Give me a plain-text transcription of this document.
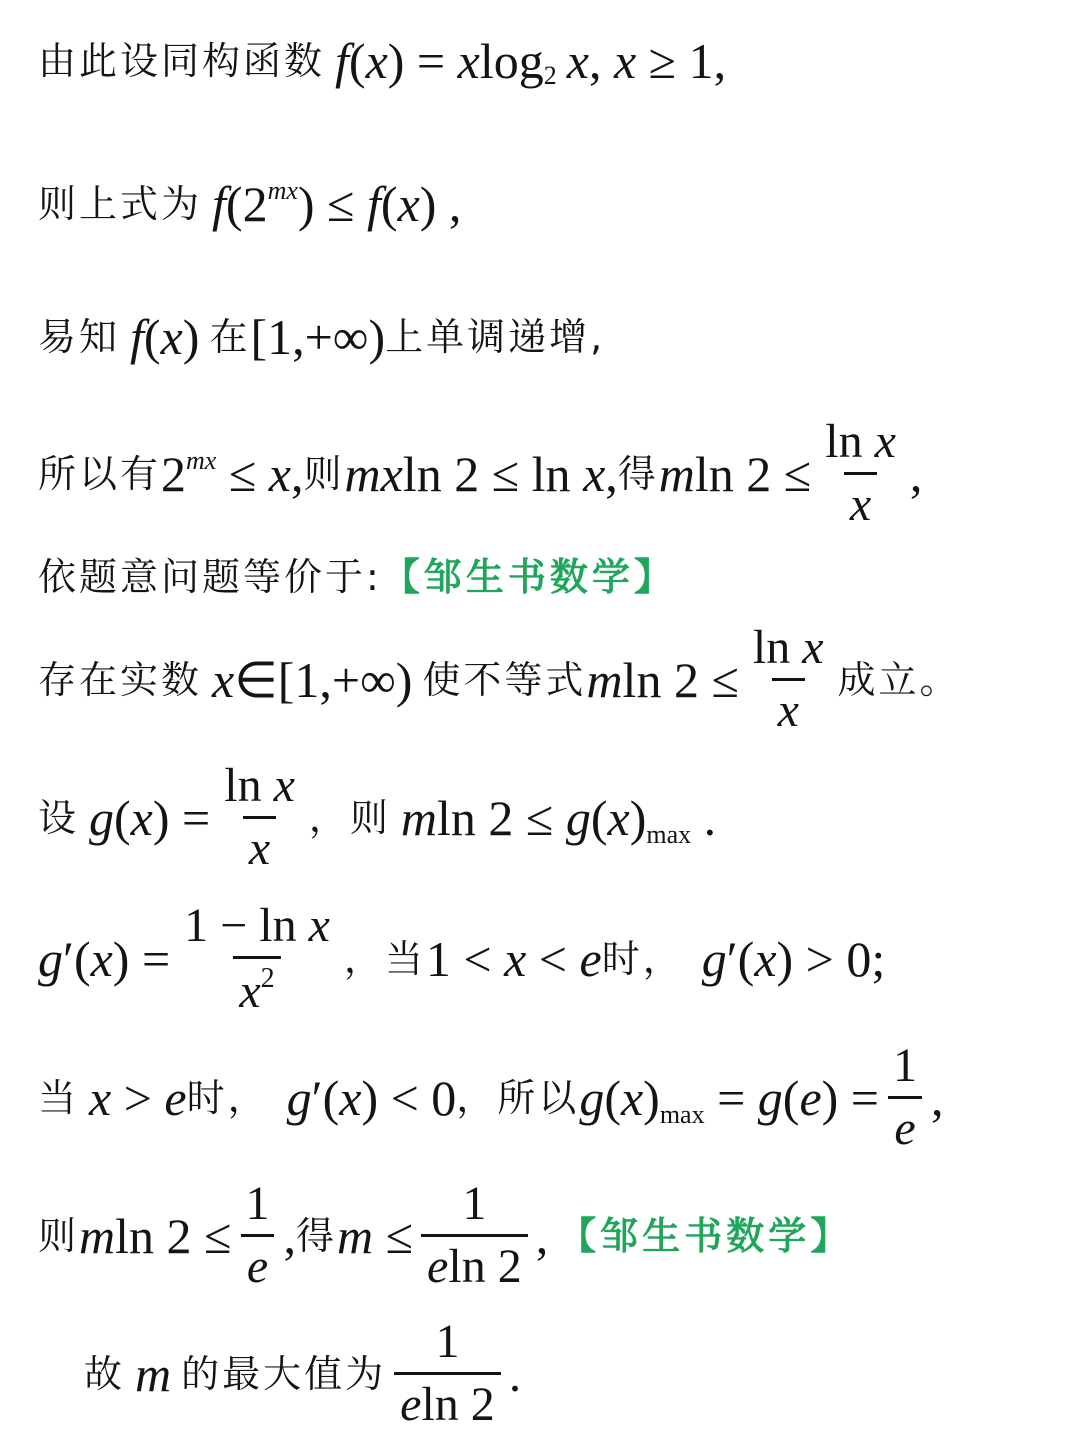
由此设同构函数 f ( x ) = x log $_2$ x , x ≥ 1,
则上式为 f (2 $^{mx}$ ) ≤ f ( x ) ,
易知 f ( x ) 在 [1,+∞) 上单调递增,
所以有 2 $^{mx}$ ≤ x , 则 mx ln 2 ≤ ln x , 得 m $\ln 2 \le \frac{\text{ln x}}{x}$ ,
依题意问题等价于: 【邹生书数学】
存在实数 x ∈[1,+∞) 使不等式 m $\ln 2 \le \frac{\text{ln x}}{x}$ 成立。
设 g ( x ) = $\frac{\text{ln x}}{x}$ ，则 m ln 2 ≤ g ( x ) $_{max}$ .
g ′( x ) = $\frac{\text{1 − ln x}}{x^2}$ ，当 1 < x < e 时， g ′( x ) > 0;
当 x > e 时， g ′( x ) < 0 ，所以 g ( x ) $_{max}$ = g ( e ) = $\frac{1}{e}$ ,
则 m $\ln 2 \le \frac{1}{e}$ , 得 $m \le \frac{1}{eln 2}$ , 【邹生书数学】
故 m 的最大值为 $\frac{1}{eln 2}$ .
